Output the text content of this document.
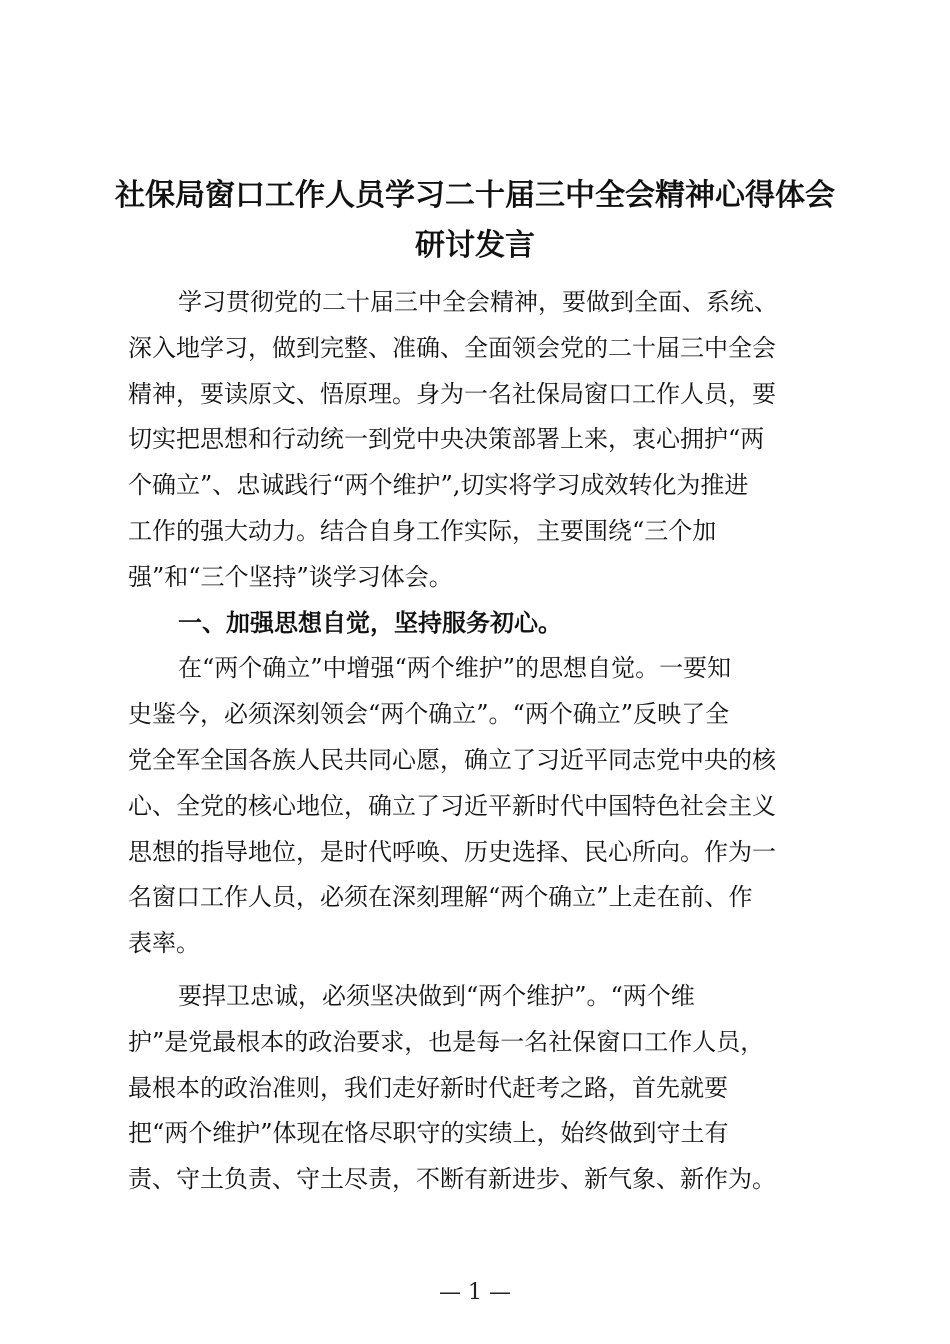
社保局窗口工作人员学习二十届三中全会精神心得体会
研讨发言
学习贯彻党的二十届三中全会精神，要做到全面、系统、
深入地学习，做到完整、准确、全面领会党的二十届三中全会
精神，要读原文、悟原理。身为一名社保局窗口工作人员，要
切实把思想和行动统一到党中央决策部署上来，衷心拥护“两
个确立”、忠诚践行“两个维护”,切实将学习成效转化为推进
工作的强大动力。结合自身工作实际，主要围绕“三个加
强”和“三个坚持”谈学习体会。
一、加强思想自觉，坚持服务初心。
在“两个确立”中增强“两个维护”的思想自觉。一要知
史鉴今，必须深刻领会“两个确立”。“两个确立”反映了全
党全军全国各族人民共同心愿，确立了习近平同志党中央的核
心、全党的核心地位，确立了习近平新时代中国特色社会主义
思想的指导地位，是时代呼唤、历史选择、民心所向。作为一
名窗口工作人员，必须在深刻理解“两个确立”上走在前、作
表率。
要捍卫忠诚，必须坚决做到“两个维护”。“两个维
护”是党最根本的政治要求，也是每一名社保窗口工作人员，
最根本的政治准则，我们走好新时代赶考之路，首先就要
把“两个维护”体现在恪尽职守的实绩上，始终做到守土有
责、守土负责、守土尽责，不断有新进步、新气象、新作为。
— 1 —
